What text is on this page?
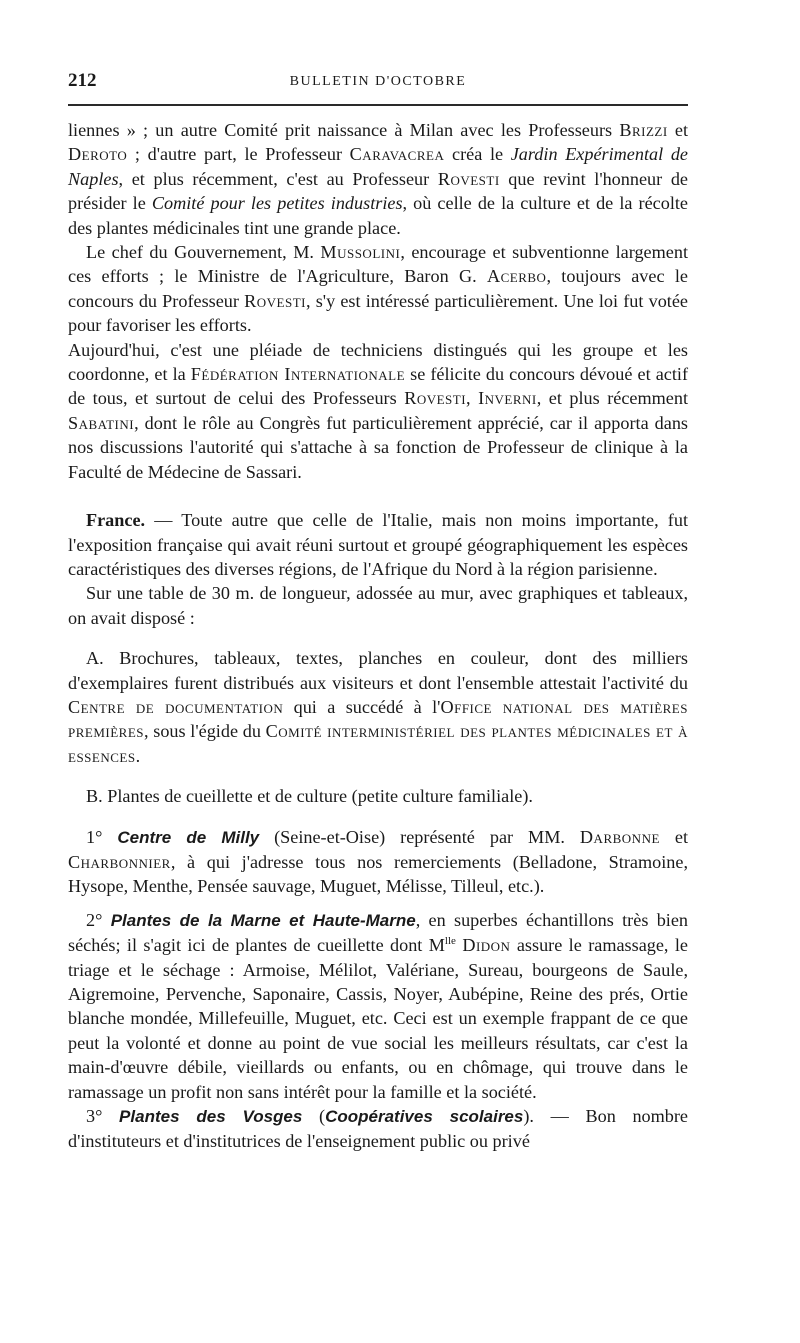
212	BULLETIN D'OCTOBRE

liennes » ; un autre Comité prit naissance à Milan avec les Professeurs Brizzi et Deroto ; d'autre part, le Professeur Caravacrea créa le Jardin Expérimental de Naples, et plus récemment, c'est au Professeur Rovesti que revint l'honneur de présider le Comité pour les petites industries, où celle de la culture et de la récolte des plantes médicinales tint une grande place.

Le chef du Gouvernement, M. Mussolini, encourage et subventionne largement ces efforts ; le Ministre de l'Agriculture, Baron G. Acerbo, toujours avec le concours du Professeur Rovesti, s'y est intéressé particulièrement. Une loi fut votée pour favoriser les efforts.

Aujourd'hui, c'est une pléiade de techniciens distingués qui les groupe et les coordonne, et la Fédération Internationale se félicite du concours dévoué et actif de tous, et surtout de celui des Professeurs Rovesti, Inverni, et plus récemment Sabatini, dont le rôle au Congrès fut particulièrement apprécié, car il apporta dans nos discussions l'autorité qui s'attache à sa fonction de Professeur de clinique à la Faculté de Médecine de Sassari.

France. — Toute autre que celle de l'Italie, mais non moins importante, fut l'exposition française qui avait réuni surtout et groupé géographiquement les espèces caractéristiques des diverses régions, de l'Afrique du Nord à la région parisienne.

Sur une table de 30 m. de longueur, adossée au mur, avec graphiques et tableaux, on avait disposé :

A. Brochures, tableaux, textes, planches en couleur, dont des milliers d'exemplaires furent distribués aux visiteurs et dont l'ensemble attestait l'activité du Centre de documentation qui a succédé à l'Office national des matières premières, sous l'égide du Comité interministériel des plantes médicinales et à essences.

B. Plantes de cueillette et de culture (petite culture familiale).

1° Centre de Milly (Seine-et-Oise) représenté par MM. Darbonne et Charbonnier, à qui j'adresse tous nos remerciements (Belladone, Stramoine, Hysope, Menthe, Pensée sauvage, Muguet, Mélisse, Tilleul, etc.).

2° Plantes de la Marne et Haute-Marne, en superbes échantillons très bien séchés; il s'agit ici de plantes de cueillette dont $M^{lle}$ Didon assure le ramassage, le triage et le séchage : Armoise, Mélilot, Valériane, Sureau, bourgeons de Saule, Aigremoine, Pervenche, Saponaire, Cassis, Noyer, Aubépine, Reine des prés, Ortie blanche mondée, Millefeuille, Muguet, etc. Ceci est un exemple frappant de ce que peut la volonté et donne au point de vue social les meilleurs résultats, car c'est la main-d'œuvre débile, vieillards ou enfants, ou en chômage, qui trouve dans le ramassage un profit non sans intérêt pour la famille et la société.

3° Plantes des Vosges (Coopératives scolaires). — Bon nombre d'instituteurs et d'institutrices de l'enseignement public ou privé
